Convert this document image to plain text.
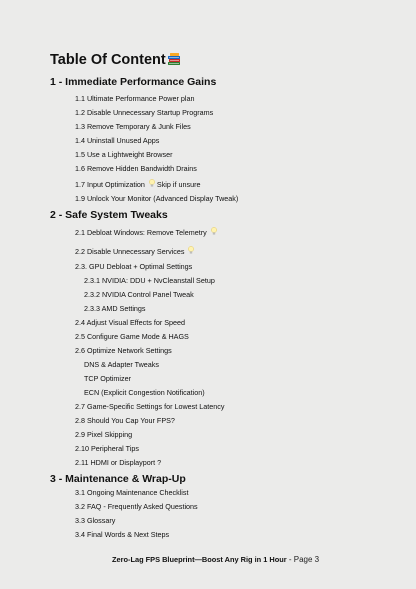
Table Of Content
1 - Immediate Performance Gains
1.1 Ultimate Performance Power plan
1.2 Disable Unnecessary Startup Programs
1.3 Remove Temporary & Junk Files
1.4 Uninstall Unused Apps
1.5 Use a Lightweight Browser
1.6 Remove Hidden Bandwidth Drains
1.7 Input Optimization Skip if unsure
1.9 Unlock Your Monitor (Advanced Display Tweak)
2 - Safe System Tweaks
2.1 Debloat Windows: Remove Telemetry
2.2 Disable Unnecessary Services
2.3. GPU Debloat + Optimal Settings
2.3.1 NVIDIA: DDU + NvCleanstall Setup
2.3.2 NVIDIA Control Panel Tweak
2.3.3 AMD Settings
2.4 Adjust Visual Effects for Speed
2.5 Configure Game Mode & HAGS
2.6 Optimize Network Settings
DNS & Adapter Tweaks
TCP Optimizer
ECN (Explicit Congestion Notification)
2.7 Game-Specific Settings for Lowest Latency
2.8 Should You Cap Your FPS?
2.9 Pixel Skipping
2.10 Peripheral Tips
2.11 HDMI or Displayport ?
3 - Maintenance & Wrap-Up
3.1 Ongoing Maintenance Checklist
3.2 FAQ - Frequently Asked Questions
3.3 Glossary
3.4 Final Words & Next Steps
Zero-Lag FPS Blueprint—Boost Any Rig in 1 Hour - Page 3
